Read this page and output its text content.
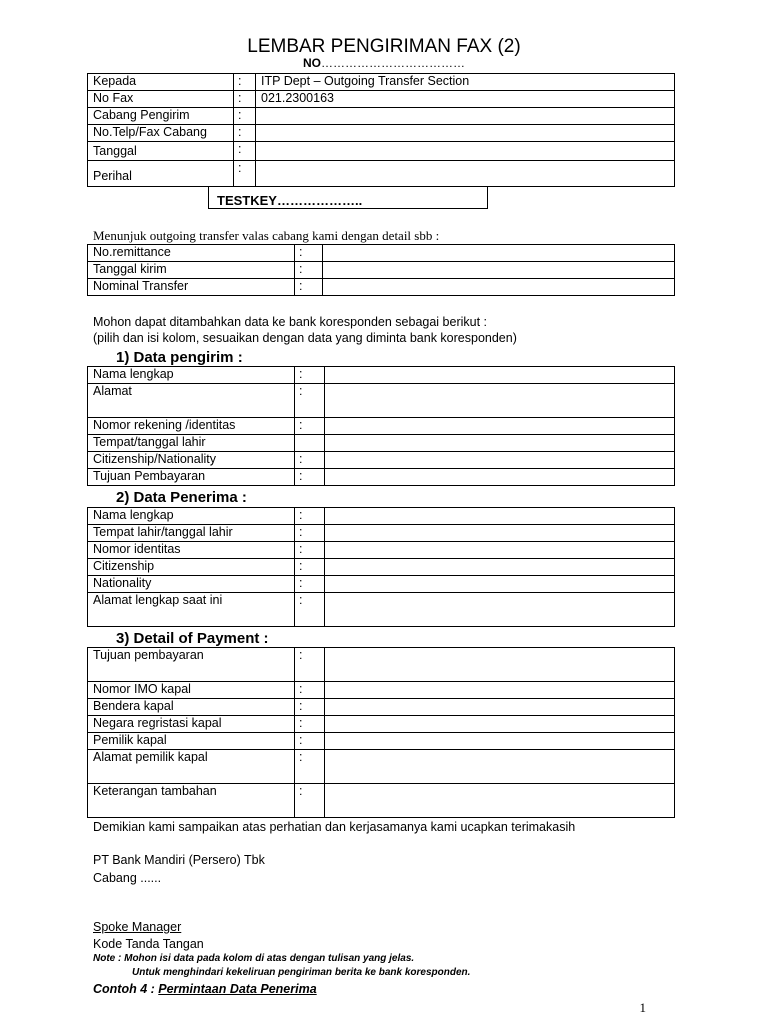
LEMBAR PENGIRIMAN FAX (2)
NO………………………………
Kepada	:	ITP Dept – Outgoing Transfer Section
No Fax	:	021.2300163
Cabang Pengirim	:	
No.Telp/Fax Cabang	:	
Tanggal	:	
Perihal	:	
TESTKEY………………..
Menunjuk outgoing transfer valas cabang kami dengan detail sbb :
No.remittance	:	
Tanggal kirim	:	
Nominal Transfer	:	
Mohon dapat ditambahkan data ke bank koresponden sebagai berikut :
(pilih dan isi kolom, sesuaikan dengan data yang diminta bank koresponden)
1) Data pengirim :
Nama lengkap	:	
Alamat	:	
Nomor rekening /identitas	:	
Tempat/tanggal lahir		
Citizenship/Nationality	:	
Tujuan Pembayaran	:	
2) Data Penerima :
Nama lengkap	:	
Tempat lahir/tanggal lahir	:	
Nomor identitas	:	
Citizenship	:	
Nationality	:	
Alamat lengkap saat ini	:	
3) Detail of Payment :
Tujuan pembayaran	:	
Nomor IMO kapal	:	
Bendera kapal	:	
Negara regristasi kapal	:	
Pemilik kapal	:	
Alamat pemilik kapal	:	
Keterangan tambahan	:	
Demikian kami sampaikan atas perhatian dan kerjasamanya kami ucapkan terimakasih
PT Bank Mandiri (Persero) Tbk
Cabang ......
Spoke Manager
Kode Tanda Tangan
Note : Mohon isi data pada kolom di atas dengan tulisan yang jelas.
Untuk menghindari kekeliruan pengiriman berita ke bank koresponden.
Contoh 4 : Permintaan Data Penerima
1
